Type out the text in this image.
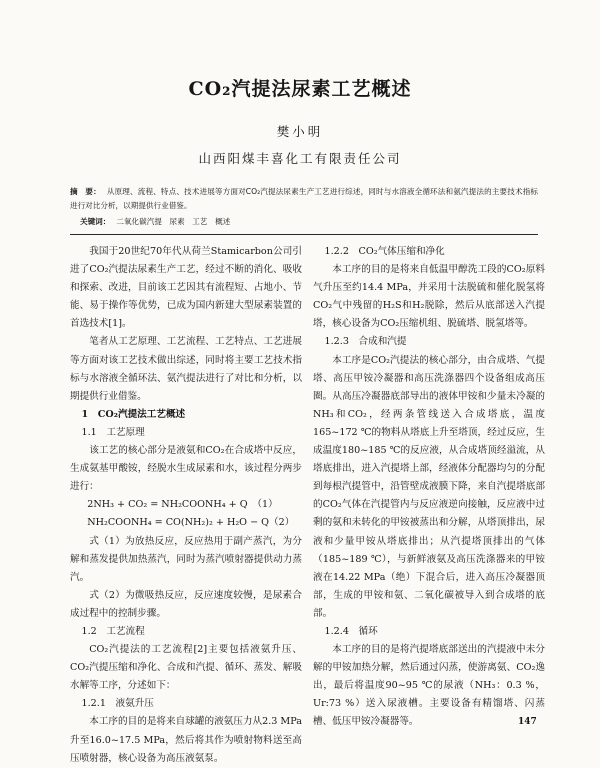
CO₂汽提法尿素工艺概述
樊小明
山西阳煤丰喜化工有限责任公司
摘　要： 从原理、流程、特点、技术进展等方面对CO₂汽提法尿素生产工艺进行综述，同时与水溶液全循环法和氨汽提法的主要技术指标进行对比分析，以期提供行业借鉴。
关键词： 二氧化碳汽提　尿素　工艺　概述

我国于20世纪70年代从荷兰Stamicarbon公司引进了CO₂汽提法尿素生产工艺，经过不断的消化、吸收和探索、改进，目前该工艺因其有流程短、占地小、节能、易于操作等优势，已成为国内新建大型尿素装置的首选技术[1]。

笔者从工艺原理、工艺流程、工艺特点、工艺进展等方面对该工艺技术做出综述，同时将主要工艺技术指标与水溶液全循环法、氨汽提法进行了对比和分析，以期提供行业借鉴。

1　CO₂汽提法工艺概述
1.1　工艺原理

该工艺的核心部分是液氨和CO₂在合成塔中反应，生成氨基甲酸铵，经脱水生成尿素和水，该过程分两步进行：

2NH₃ + CO₂ = NH₂COONH₄ + Q　（1）
NH₂COONH₄ = CO(NH₂)₂ + H₂O − Q（2）

式（1）为放热反应，反应热用于副产蒸汽，为分解和蒸发提供加热蒸汽，同时为蒸汽喷射器提供动力蒸汽。

式（2）为微吸热反应，反应速度较慢，是尿素合成过程中的控制步骤。

1.2　工艺流程

CO₂汽提法的工艺流程[2]主要包括液氨升压、CO₂汽提压缩和净化、合成和汽提、循环、蒸发、解吸水解等工序，分述如下：

1.2.1　液氨升压

本工序的目的是将来自球罐的液氨压力从2.3 MPa升至16.0~17.5 MPa，然后将其作为喷射物料送至高压喷射器，核心设备为高压液氨泵。

1.2.2　CO₂气体压缩和净化

本工序的目的是将来自低温甲醇洗工段的CO₂原料气升压至约14.4 MPa，并采用十法脱硫和催化脱氢将CO₂气中残留的H₂S和H₂脱除，然后从底部送入汽提塔，核心设备为CO₂压缩机组、脱硫塔、脱氢塔等。

1.2.3　合成和汽提

本工序是CO₂汽提法的核心部分，由合成塔、气提塔、高压甲铵冷凝器和高压洗涤器四个设备组成高压圈。从高压冷凝器底部导出的液体甲铵和少量未冷凝的NH₃和CO₂，经两条管线送入合成塔底，温度165~172 ℃的物料从塔底上升至塔顶，经过反应，生成温度180~185 ℃的反应液，从合成塔顶经溢流，从塔底排出，进入汽提塔上部，经液体分配器均匀的分配到每根汽提管中，沿管壁成液膜下降，来自汽提塔底部的CO₂气体在汽提管内与反应液逆向接触，反应液中过剩的氨和未转化的甲铵被蒸出和分解，从塔顶排出，尿液和少量甲铵从塔底排出；从汽提塔顶排出的气体（185~189 ℃），与新鲜液氨及高压洗涤器来的甲铵液在14.22 MPa（绝）下混合后，进入高压冷凝器顶部，生成的甲铵和氨、二氧化碳被导入到合成塔的底部。

1.2.4　循环

本工序的目的是将汽提塔底部送出的汽提液中未分解的甲铵加热分解，然后通过闪蒸，使游离氨、CO₂逸出，最后将温度90~95 ℃的尿液（NH₃：0.3 %，Ur:73 %）送入尿液槽。主要设备有精馏塔、闪蒸槽、低压甲铵冷凝器等。	147
